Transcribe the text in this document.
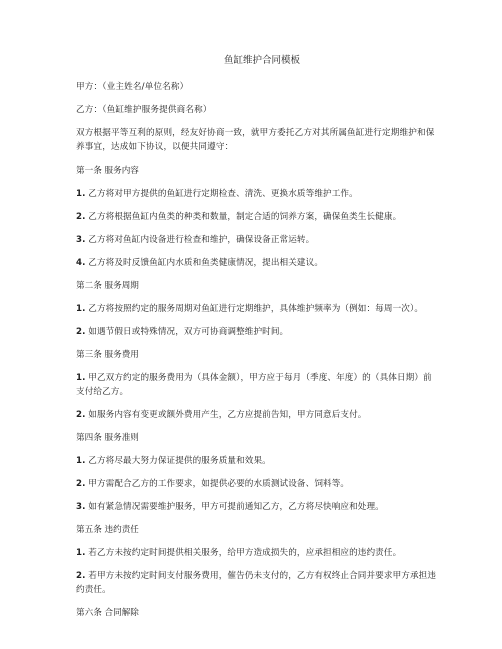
鱼缸维护合同模板
甲方：（业主姓名/单位名称）
乙方：（鱼缸维护服务提供商名称）
双方根据平等互利的原则，经友好协商一致，就甲方委托乙方对其所属鱼缸进行定期维护和保养事宜，达成如下协议，以便共同遵守：
第一条 服务内容
1. 乙方将对甲方提供的鱼缸进行定期检查、清洗、更换水质等维护工作。
2. 乙方将根据鱼缸内鱼类的种类和数量，制定合适的饲养方案，确保鱼类生长健康。
3. 乙方将对鱼缸内设备进行检查和维护，确保设备正常运转。
4. 乙方将及时反馈鱼缸内水质和鱼类健康情况，提出相关建议。
第二条 服务周期
1. 乙方将按照约定的服务周期对鱼缸进行定期维护，具体维护频率为（例如：每周一次）。
2. 如遇节假日或特殊情况，双方可协商调整维护时间。
第三条 服务费用
1. 甲乙双方约定的服务费用为（具体金额），甲方应于每月（季度、年度）的（具体日期）前支付给乙方。
2. 如服务内容有变更或额外费用产生，乙方应提前告知，甲方同意后支付。
第四条 服务准则
1. 乙方将尽最大努力保证提供的服务质量和效果。
2. 甲方需配合乙方的工作要求，如提供必要的水质测试设备、饲料等。
3. 如有紧急情况需要维护服务，甲方可提前通知乙方，乙方将尽快响应和处理。
第五条 违约责任
1. 若乙方未按约定时间提供相关服务，给甲方造成损失的，应承担相应的违约责任。
2. 若甲方未按约定时间支付服务费用，催告仍未支付的，乙方有权终止合同并要求甲方承担违约责任。
第六条 合同解除
